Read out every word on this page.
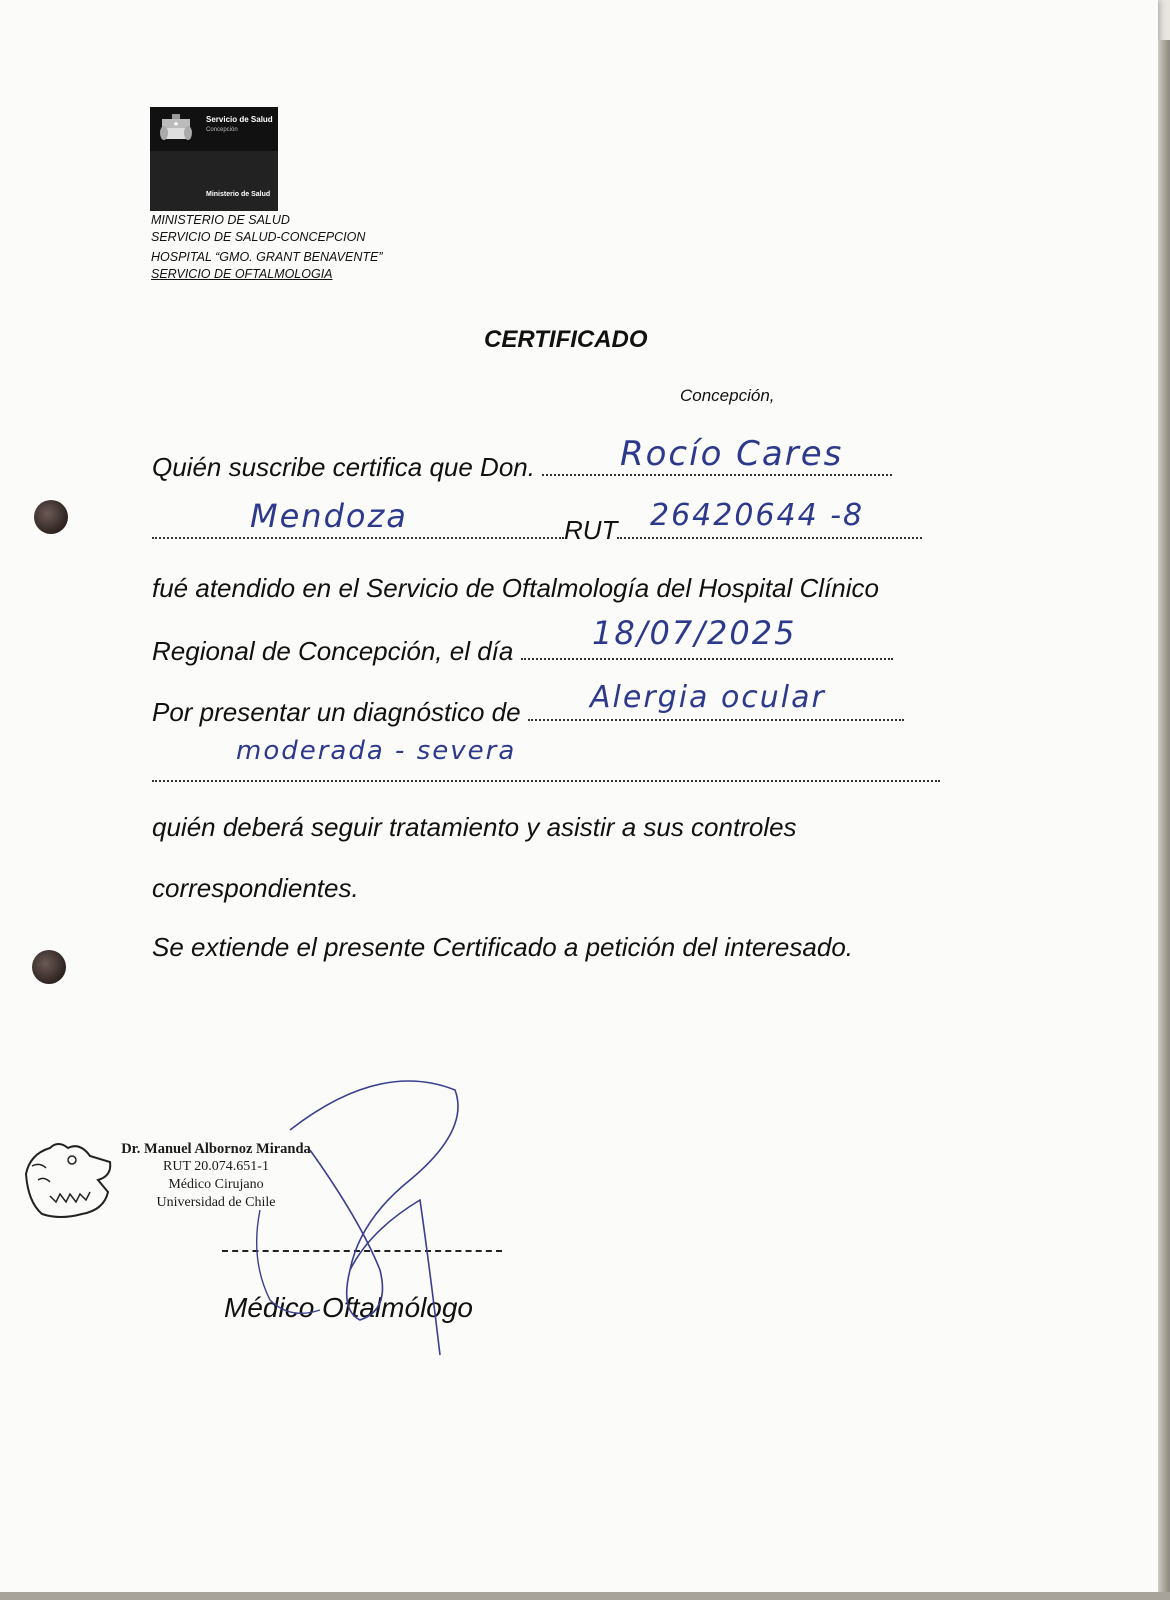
Servicio de Salud
Concepción
Ministerio de Salud
MINISTERIO DE SALUD
SERVICIO DE SALUD-CONCEPCION
HOSPITAL “GMO. GRANT BENAVENTE”
SERVICIO DE OFTALMOLOGIA
CERTIFICADO
Concepción,
Quién suscribe certifica que Don.	Rocío Cares
RUT
Mendoza	26420644 -8
fué atendido en el Servicio de Oftalmología del Hospital Clínico
Regional de Concepción, el día	18/07/2025
Por presentar un diagnóstico de	Alergia ocular
moderada - severa
quién deberá seguir tratamiento y asistir a sus controles
correspondientes.
Se extiende el presente Certificado a petición del interesado.
Dr. Manuel Albornoz Miranda
RUT 20.074.651-1
Médico Cirujano
Universidad de Chile
Médico Oftalmólogo
